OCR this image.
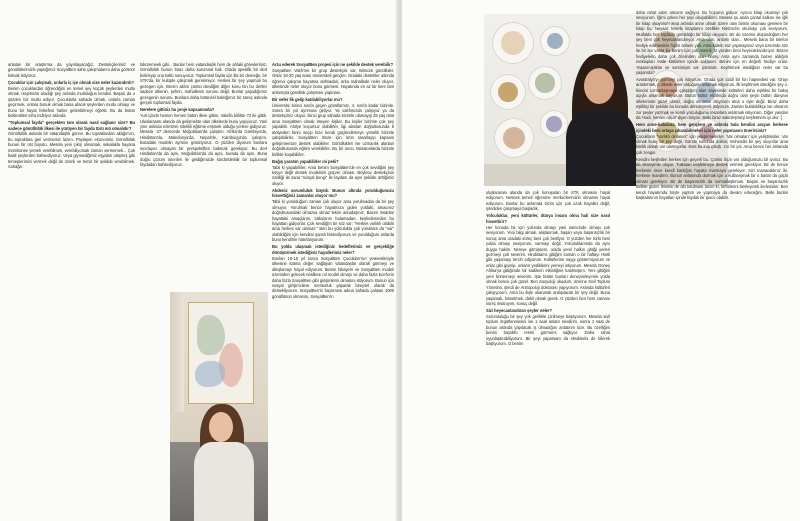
anlatan bir araştırma da yayınlayacağız. Destekçilerimiz ve gönüllülerimizle yaptığımız SosyalBen sahe çalışmalarını daha görünür kılmak istiyoruz.

Çocuklar için çalışmak, onlarla iç içe olmak size neler kazandırdı?
Benim çocuklardan öğrendiğim en temel şey küçük şeylerden mutlu olmak. Hepimizin aradığı şey aslında mutluluğun kendisi. Başarı da o şüzden biz mutlu ediyor. Çocuklarla sahada olmak, onlarla zaman geçirmek, onlara bonuk olmak bana afacık şeylerden mutlu olmayı ve bunu bir hayat felsefesi haline getirebilmeyi öğretti. Bu da bütün beklentileri sıfra indiriyor aslında.

"Toplumsal fayda" gerçekten tam olarak nasıl sağlanır size? Bu sadece gönüllülük ilkesi ile yürüyen bir fayda türü mü olmalıdır?
Gönüllülük aslında bir vatandaşlık görevi. Bu topraklardan aldığımızı, bu topraklara geri vermemiz lazım. Paylaşım ekonomisi. Gönüllülük bunun bir üst boyutu. Mesela yeni çıkış olmamak, sekalakla hayana mümkünse yemek verebilmek, verebiliyorsak zaman vermemek... Çok basit şeylerden bahsediyoruz. Veya giymediğimiz eşyaları ulaşmış gibi temeplerimizi vermek değil de özenli ve temiz bir şekilde verebilmek. Sokağa

tüküremeek gibi... Bunlar hem vatandaşlık hem de ahlaki görevlerimiz. Gönüllülük bunun biraz daha kurumsal hali. Orada spesifik bir dert belirleyip ona katkı sunuyoruz. Toplumsal fayda için illa bir derneğe, bir STK'da, bir kulüpte çalışmak gerekmiyor. Herkes bir şey yapmalı bu gezegen için. Benim aklım çünkü istediğim diğer konu tsn bu dertler sadece ülkenin, şehrin, mahallenin sorunu değil. Bunlar yaşadığımız gezegenin sorunu. Bunlara daha bütünsel baktığımız bir süreç aslında gerçek toplumsal fayda.

Nerelere gittiniz bu proje kapsamında?
Yurt içinde hemen hemen bütün illere gittim, Vakıfla birlikte 72 ile gittik. Uluslararası alanda da gelişmekte olan ülkelerde bunu yapıyoruz. Yani yine aslında ezimtrım nitelikli eğitime erişmek olduğu yerlere gidiyoruz. Mesela -27 derecede Moğolistan'da çalıştım. Afrika'da Gambiya'da, Hindistan'da, Maledonya'da, Nepal'de, Kamboçya'da çalıştım. Buradaki modelin ayrısını göstiriyoruz. O yüzden diyorum bunlara sınırlayıcı olmayan bir perspektiften bakmak gerekiyor. Bu dert Hindistan'da da aynı, Moğolistan'da da aynı, burada da aynı. Buna doğru çözüm önerileri ile geldiğimizde sürdürülebilir bir toplumsal faydadan bahsediyoruz.

Arzu ederek SosyalBen projesi için ne şekilde destek verebilir?
SosyalBen Vakfı'nın bir grup destekçisi var. Birincisi gönüllüler. Onlar 18-20 yaş arası üniversiteli gençler. Oradaki destekler aslında öğrenci çalışma hayatına atılmadan, arka mahallede neler oluyor, ülkesinde neler oluyor bunu görmesi. Hayatında en az bir kere tam anlamıyla gönüllük çalışması yapması.

Bir sefer lik gelip katılabiliyorlar mu?
Üniversite birinci sınıfa geçen gönüllümüz, 4. sınıfa kadar bizimle. Sonra bir yol ayrımına geliyor. Ya vakfımızda çalışıyor ya da destekçimiz oluyor. İkinci grup sahada bizimle olamayıp 25 yaş üstü ama SosyalBen olmak isteyen kişiler. Bu kişiler bizimle çok şey yapabilir. Atölye koçumuz olabilirler, ilgi alanları doğrultusunda 8 atölyeden birini seçip bize kendi güçlendirmeye yönelik bizimle çalışabilirler. SosyalBen Store için ürün tasarlayıp kapsam gelişirmemize destek olabilirler. Gönüllükleri ise uzmanlık alanları doğrultusunda eğitim verebilirler. Bu bir öncü. Maratonlarda bizimle birlikte koşabilirler.

Bağış yaratım yapabilirler mi peki?
Tabii ki yapabilirler. Ama benim SosyalBen'de en çok sevdiğim şey köyye değil destek modelinin güçver olması. Böylece destekçinin özelliği ile sana "sosyal bengi" ile faydası da aynı şekilde ürttiğimiz oluyor.

Akdeniz sorumluluk büyük. Bunun altında yorulduğunuzu hissettiğiniz zamanlar oluyor mu?
Tabii ki yorulduğum zaman çok oluyor ama yorulmadan da bir şey olmuyor. Yorulmak bence hayatınıza giden yoldaki, amacınız doğrultusundaki olmazsa olmaz tekim arkadaşınız. Bazen insanlar hayattaki amaçlarını, tutkularını bulamadan, keşfedemeden bu hayattan gidiyorlar. Çok sevdiğim bir söz var: "Herkes varlıklı olabilir ama herkes var olamaz." Ben bu yolculukta çok yorulsam da "var" olabildiğim için kendimi şanslı hissediyorum ve yorulduğum anlarda bunu kendime hatırlatıyorum.

Bu yolda ulaşmak istediğiniz hedeflerimiz ve gerçekliğe dönüşürmek istediğiniz hayallerimiz neler?
Bunları 10-15 yıl sonra SosyalBen Çocukları'nın yetenekleriyle ülkesine katma değer sağlayan vatandaşlar olarak görmeyi ve alkışlamayı hayal ediyorum. Benim hikayem ve SosyalBen modeli üzerinden gelecek nesillere rol model olmayı ve daha fazla Ece'lerin daha fazla SosyalBen gibi girişimlerin olmasını istiyorum. Bunun için sosyal girişimcilere mentorluk yaparak bireysel olarak da destekliyorum. SosyalBen'in büyümesi adına sahada çalışan 1000 gönüllünün olmasını, SosyalBen'in

uluslararası alanda da çok konuşulan bir STK olmasını hayal ediyorum. Nesnek temeli öğrenme merkezlerimizin olmasını hayal ediyorum. Bunlar bu anlamda bizim için çok uzak hayaller değil, şimdiden çalışmaya başladık.

Yolculuklar, yeni kültürler, dünya insanı olma hali size nasıl hissettirir?
Her konuda bir için yolunda olmayı yani sürecinde olmayı çok seviyorum. Yeni bilgi almak, alışlanmak, başarı veya başarısızlık bir sonuç ama oradaki süreç beni çok besliyor. O yüzden her türlü beni yolda olmayı seviyorum, varmayı değil. Yolculuklarımda da aynı duygu hakim. Nereye gitmişsem, orada yerel halkın gittiği yerleri gezmeyi çok severim. Hindistan'a gittiğim zaman o bir haftayı Hintli gibi yaşamayı tercih ediyorum. Kültürlerine saygı göstermiyorum ve onlar gibi giyinip, onların yediklerini yemeyi istiyorum. Mesela Güney Afrika'ya gittiğimde bir kadilerin etkinliğine katılmıştım. Yeni gittiğim yere bürünmeyi severim. İşte bütün bunları deneyimleyerek yolda olmak bence çok güzel. Ben Sosyoloji okudum, üzerine Sivil Toplum Yönetimi, şimdi de Antropoloji doktorası yapıyorum. Aslında kültürleri çalışıyorum. Ama bu ilişki okanarak anlaşılacak bir şey değil. Buna yaşamak, hissetmek, dahil olmak gerek. O yüzden ben hem zamanı süreç insanıyım, sonuç değil.

Sizi heyecanlandıran şeyler neler?
Sorumluluğu bir şey yok gerilikle çizilmeye başlıyorum. Mesela sivil toplum örgütlenmesini ise 1 saat anlatır sevdirim, sonra 1 saat de bunun aslında yapılacak iş olmadığını anlatırım size. Bu özelliğim benim büyüklü resmi görmemi sağlıyor. Daha rahat oyunlaştırabiliyorum. Bir şeyi yaparsam da eksiklerini de bilerek başlıyorum. O benim

daha rahat adım atmamı sağlıyor. Bu hoşuma gidiyor. Ayrıca kitap okumayı çok seviyorum. İğimi çeken her şeyi okuyabilirim. Mesela şu anda çantal kalkını ise iğili bir kitap okuyorum ama aslında anne olmak üzere olan birinin okuması gereken bir kitap bu. Neyaaz felsefe kitaplarını özellikle Nietzsche okumayı çok seviyorum. Mutfakta her sayfada görüldüğü bir kitap okuyum. Bir de üzerine düşündüğüm her şey beni çok heyecanlandırıyor. Ama olan, anlamı olan... Mesela bana bir telefon hediye edilmesinin hiçbir anlamı yok. Ama kalem süz yapmayanız veya üzerinde söz ile bir anı varsa bu benim için çok önemli. O yüzden beni heyecanlandırıyor. Bazen hediyelerin daha çok özelinden olan hepsi. Ama aynı zamanda bazen aldığım mektupları evde klasörleri içinde saklarım. Benim için en değerli hediye onlar. Yaşanmışlıklar ve samimiyet var içlerinde. Kephtimek istediğiniz neler var bu yaşamda?

Avustralya'yı görmeyi çok istiyorum. Orada çok ciddi bir fon hapsedesi var. Orayı arastırmak, o ülkede neler olduğunu anlamak istiyorum. İlk kephtmek istediğim şey o. İkincisi uzmanlaşmaya çalıştığım alan sayesinde kültürleri daha eşitliksi bir bakış açıyla anlamak istiyorum. Bütün kültür etrafında doğru olan şeyin bütün dünyaın ülkelerinde güzel olmaz, doğru olmasını istiyorum ama o öyle değil. Biraz daha eşitlikçi bir şekilde bu konuda derinleşmek istiyorum. Zaman bulabildikçe ise olmanın zor şeyler yazmak ve kendi yolculuğumu insanlara anlatmak istiyorum. Diğer yandan da 'Hadi, hemen olsun' diyen biriyim. Belki biraz sakinleşmeyi keşfetmem iyi olur :)

Hem anne-babalara, hem gençlere ve aslında hala kendini arayan herkese içindeki beni ortaya çıkarabilmeleri için neler yapmasını önerirsiniz?
Çocukların "varlıklı olmasını" için yetiştirmesinler. 'Var olmaları' için yetiştirsinler. Var olmak kolay bir şey değil. Günün sonunda doktor, mühendis bir şey oluyorlar ama kimlik olarak var olamıyorlar. Evet bu inış çıkışlı, zor bir yol. Ama bence her anlamda çok zengin.

Kendini keşfeden herkes için geçerli bu. Çünkü hiçin var olduğumuzu bil iyoruz. Bu da deneyimle oluyor. Tutkuları keşfetmeye destek vermek gerekiyor. Bir de bence herkesin önce kendi kanlığını hayata marmaya gerekiyor. Sizi manacaklınız iki, herkese mandırın. Bunun anlasında durmak için o kullanışmak bir o barlar da güçlü olması gerekiyor. Bir de başarısızlık da normalleştirmek. Başarı ve başarısızlık birlikte güzel. İkisinin de altı tutulması lazım ki, birbirlerini besleyerek ilerlesinler. Ben kendi hayatımda böyle yaptım ve yapmaya da devam edeceğim. Belki bunlar başkalarının hayatları içinde faydalı bir ipucu olabilir.
